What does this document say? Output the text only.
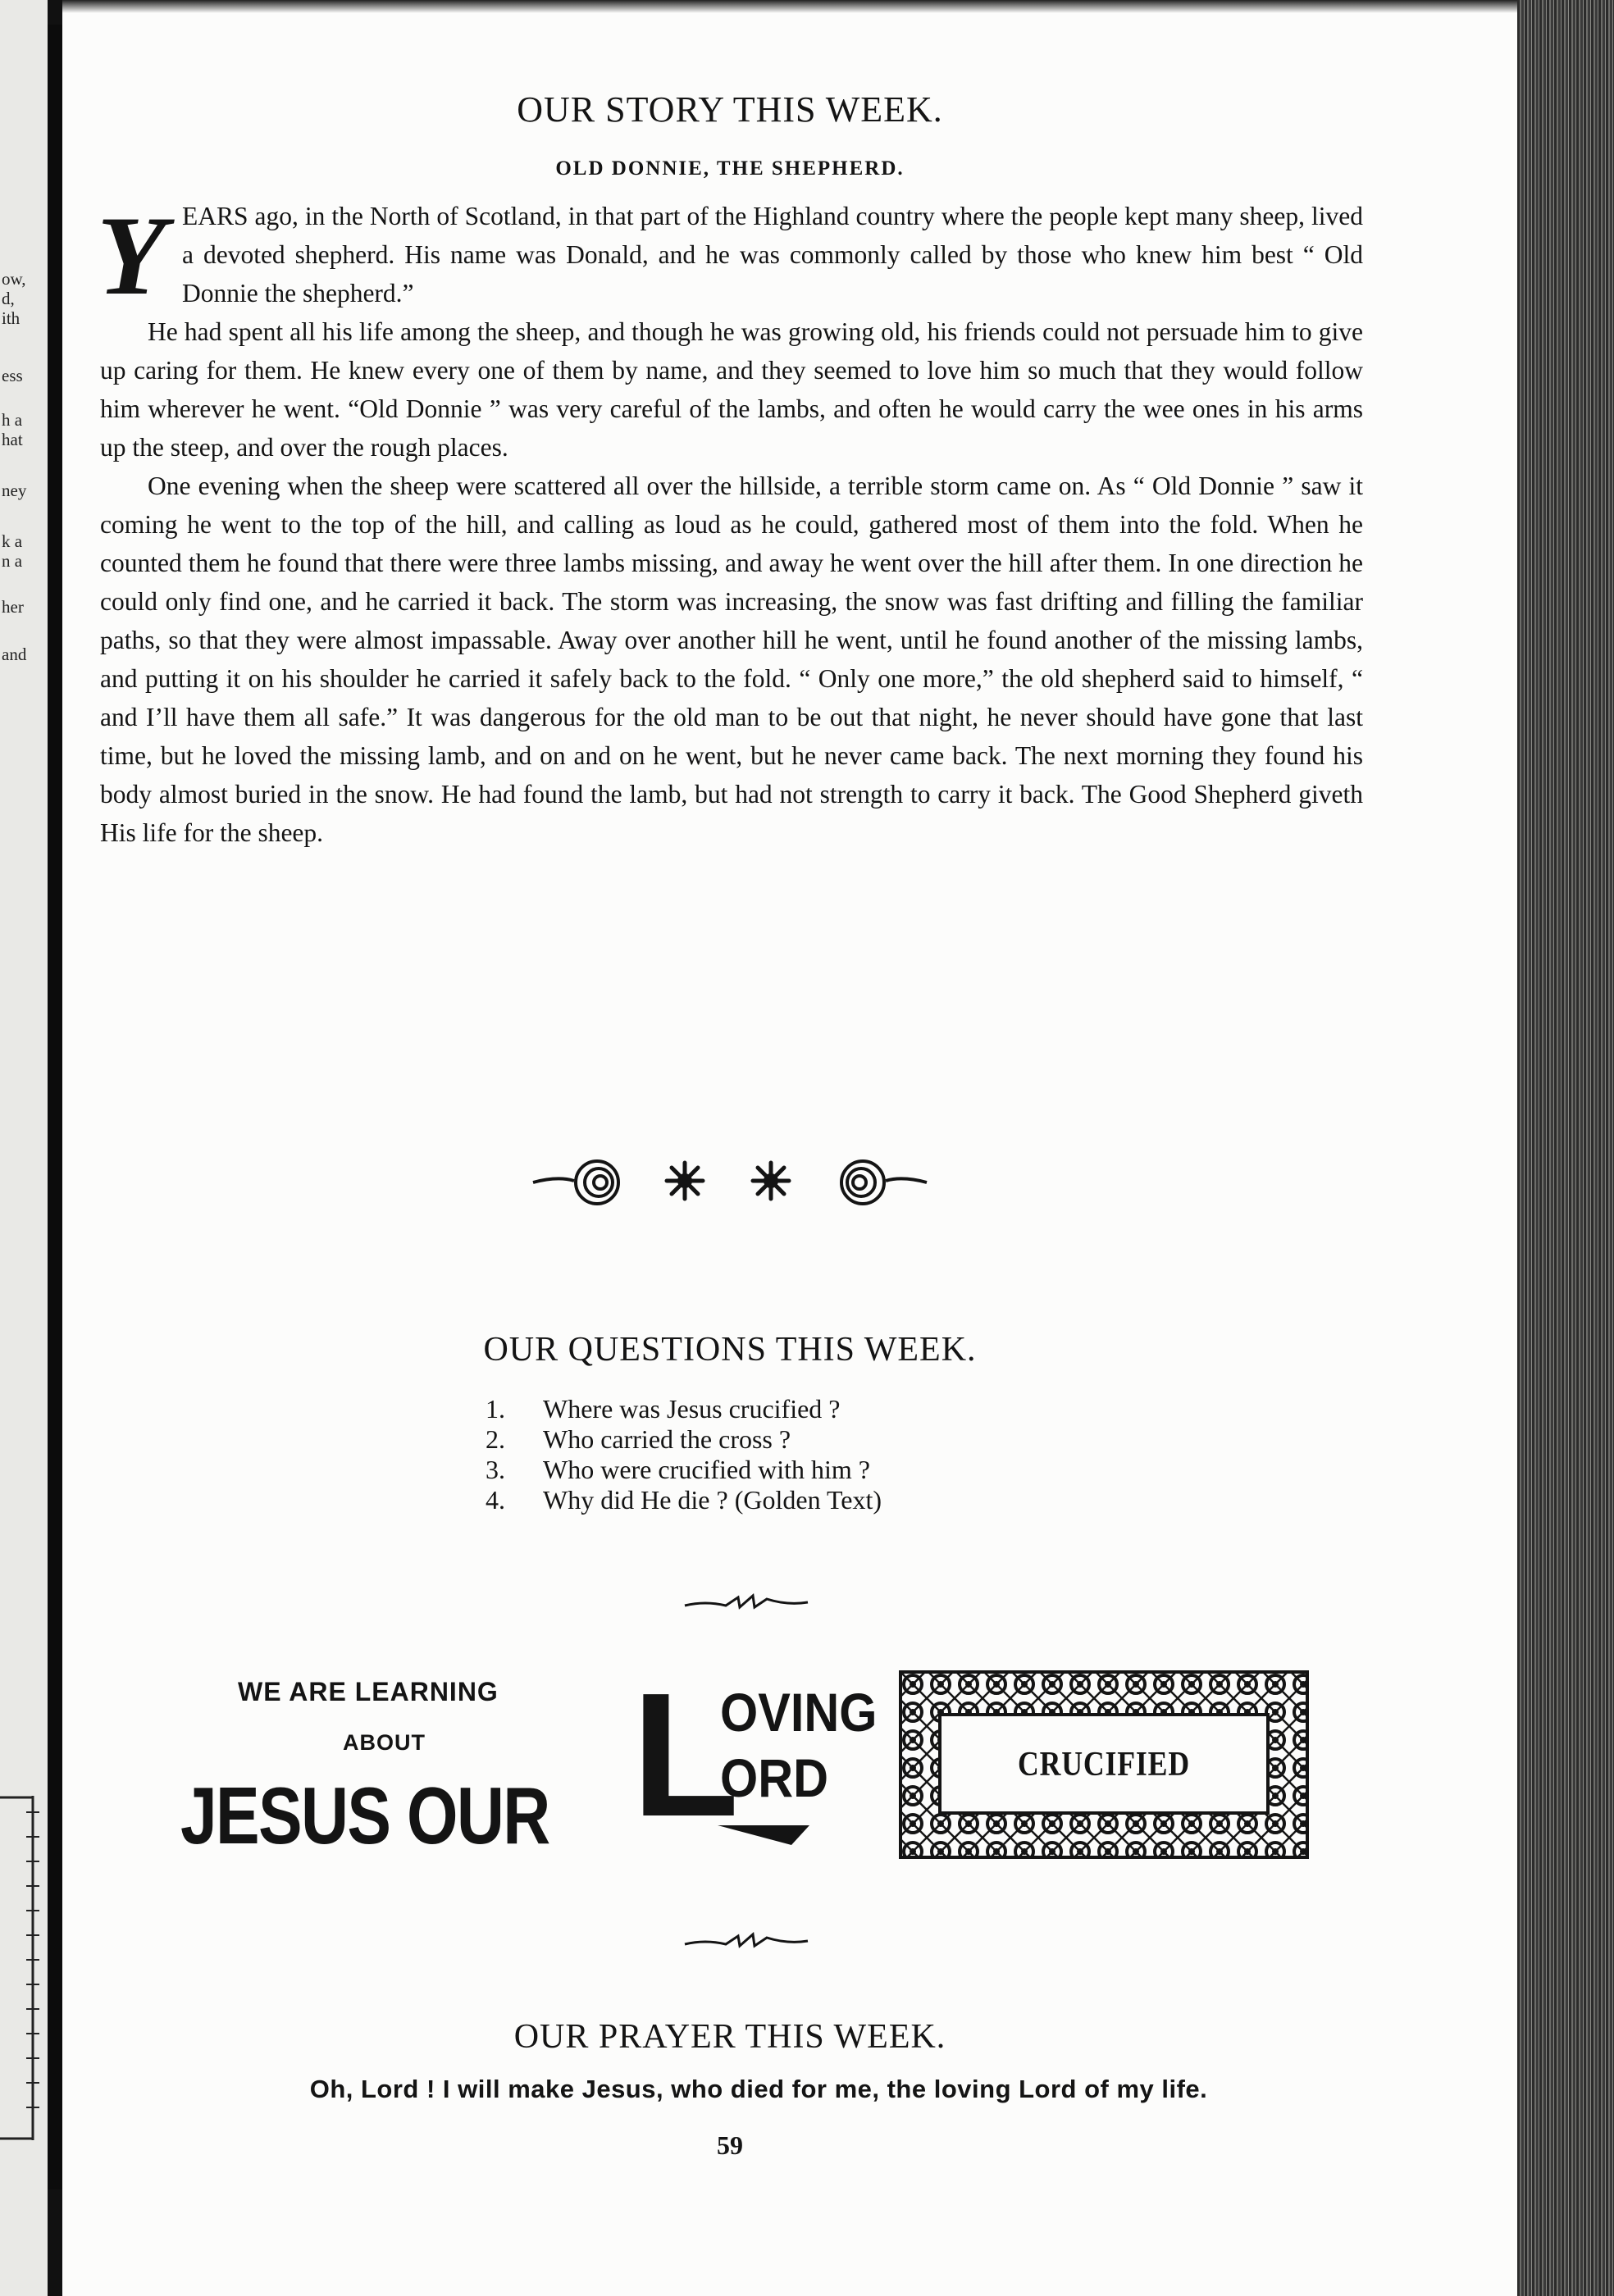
ow,
d,
ith
ess
h a
hat
ney
k a
n a
her
and
OUR STORY THIS WEEK.
OLD DONNIE, THE SHEPHERD.

YEARS ago, in the North of Scotland, in that part of the Highland country where the people kept many sheep, lived a devoted shepherd. His name was Donald, and he was commonly called by those who knew him best “ Old Donnie the shepherd.”

He had spent all his life among the sheep, and though he was growing old, his friends could not persuade him to give up caring for them. He knew every one of them by name, and they seemed to love him so much that they would follow him wherever he went. “Old Donnie ” was very careful of the lambs, and often he would carry the wee ones in his arms up the steep, and over the rough places.

One evening when the sheep were scattered all over the hillside, a terrible storm came on. As “ Old Donnie ” saw it coming he went to the top of the hill, and calling as loud as he could, gathered most of them into the fold. When he counted them he found that there were three lambs missing, and away he went over the hill after them. In one direction he could only find one, and he carried it back. The storm was increasing, the snow was fast drifting and filling the familiar paths, so that they were almost impassable. Away over another hill he went, until he found another of the missing lambs, and putting it on his shoulder he carried it safely back to the fold. “ Only one more,” the old shepherd said to himself, “ and I’ll have them all safe.” It was dangerous for the old man to be out that night, he never should have gone that last time, but he loved the missing lamb, and on and on he went, but he never came back. The next morning they found his body almost buried in the snow. He had found the lamb, but had not strength to carry it back. The Good Shepherd giveth His life for the sheep.

OUR QUESTIONS THIS WEEK.
1.	Where was Jesus crucified ?
2.	Who carried the cross ?
3.	Who were crucified with him ?
4.	Why did He die ? (Golden Text)
WE ARE LEARNING
ABOUT
JESUS OUR L
OVING
ORD	CRUCIFIED
OUR PRAYER THIS WEEK.
Oh, Lord ! I will make Jesus, who died for me, the loving Lord of my life.
59
